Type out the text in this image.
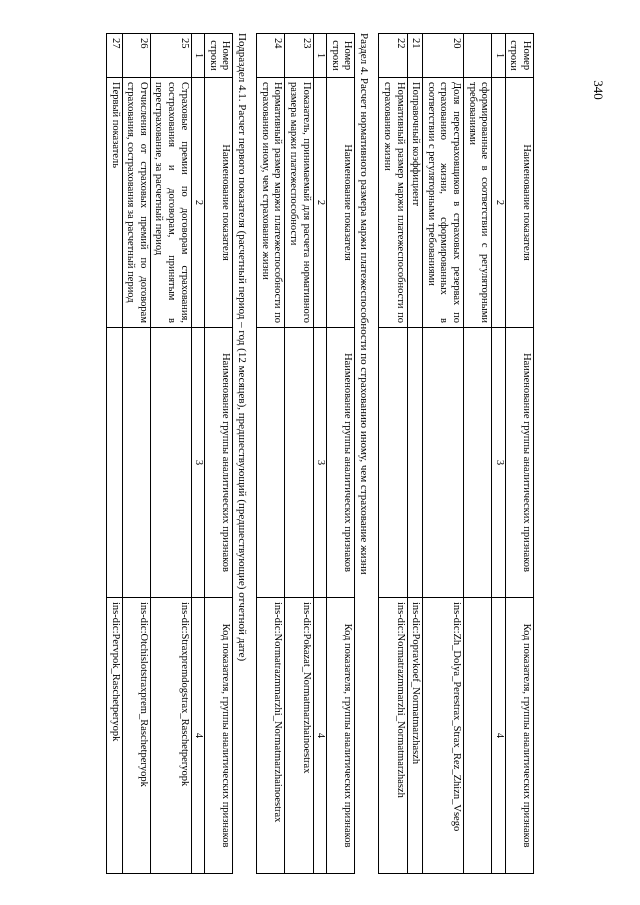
340
Номер строки	Наименование показателя	Наименование группы аналитических признаков	Код показателя, группы аналитических признаков
1	2	3	4
	сформированные в соответствии с регуляторными требованиями		
20	Доля перестраховщиков в страховых резервах по страхованию жизни, сформированных в соответствии с регуляторными требованиями		ins-dic:Zh_Dolya_Perestrax_Strax_Rez_Zhizn_Vsego
21	Поправочный коэффициент		ins-dic:Popravkoef_Normatmarzhaszh
22	Нормативный размер маржи платежеспособности по страхованию жизни		ins-dic:Normatrazmmarzhi_Normatmarzhaszh
Раздел 4. Расчет нормативного размера маржи платежеспособности по страхованию иному, чем страхование жизни
Номер строки	Наименование показателя	Наименование группы аналитических признаков	Код показателя, группы аналитических признаков
1	2	3	4
23	Показатель, принимаемый для расчета нормативного размера маржи платежеспособности		ins-dic:Pokazat_Normatmarzhainoestrax
24	Нормативный размер маржи платежеспособности по страхованию иному, чем страхование жизни		ins-dic:Normatrazmmarzhi_Normatmarzhainoestrax
Подраздел 4.1. Расчет первого показателя (расчетный период – год (12 месяцев), предшествующий (предшествующие) отчетной дате)
Номер строки	Наименование показателя	Наименование группы аналитических признаков	Код показателя, группы аналитических признаков
1	2	3	4
25	Страховые премии по договорам страхования, сострахования и договорам, принятым в перестрахование, за расчетный период		ins-dic:Straxpremdogstrax_Raschetperyopk
26	Отчисления от страховых премий по договорам страхования, сострахования за расчетный период		ins-dic:Otchislotstraxprem_Raschetperyopk
27	Первый показатель		ins-dic:Pervpok_Raschetperyopk
